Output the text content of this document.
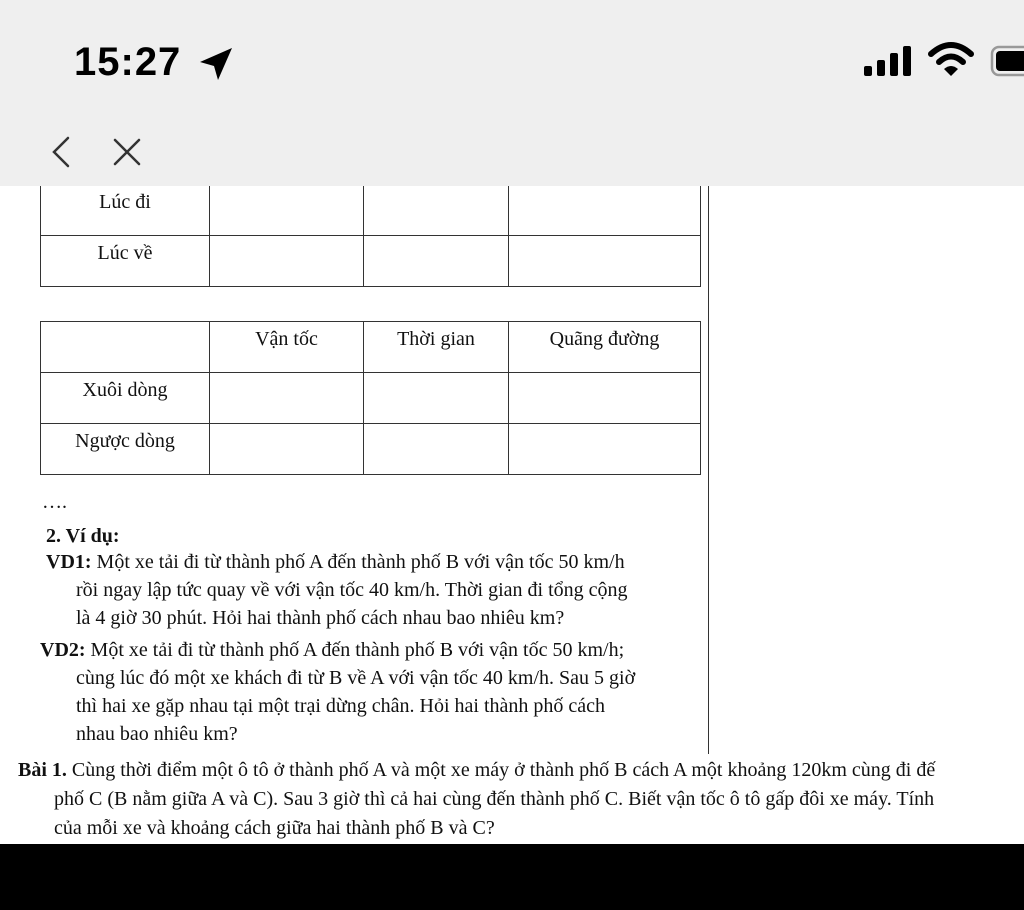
15:27
Lúc đi			
Lúc về			
	Vận tốc	Thời gian	Quãng đường
Xuôi dòng			
Ngược dòng			
….
2. Ví dụ:
VD1: Một xe tải đi từ thành phố A đến thành phố B với vận tốc 50 km/h
rồi ngay lập tức quay về với vận tốc 40 km/h. Thời gian đi tổng cộng
là 4 giờ 30 phút. Hỏi hai thành phố cách nhau bao nhiêu km?
VD2: Một xe tải đi từ thành phố A đến thành phố B với vận tốc 50 km/h;
cùng lúc đó một xe khách đi từ B về A với vận tốc 40 km/h. Sau 5 giờ
thì hai xe gặp nhau tại một trại dừng chân. Hỏi hai thành phố cách
nhau bao nhiêu km?
Bài 1. Cùng thời điểm một ô tô ở thành phố A và một xe máy ở thành phố B cách A một khoảng 120km cùng đi đế
phố C (B nằm giữa A và C). Sau 3 giờ thì cả hai cùng đến thành phố C. Biết vận tốc ô tô gấp đôi xe máy. Tính
của mỗi xe và khoảng cách giữa hai thành phố B và C?
